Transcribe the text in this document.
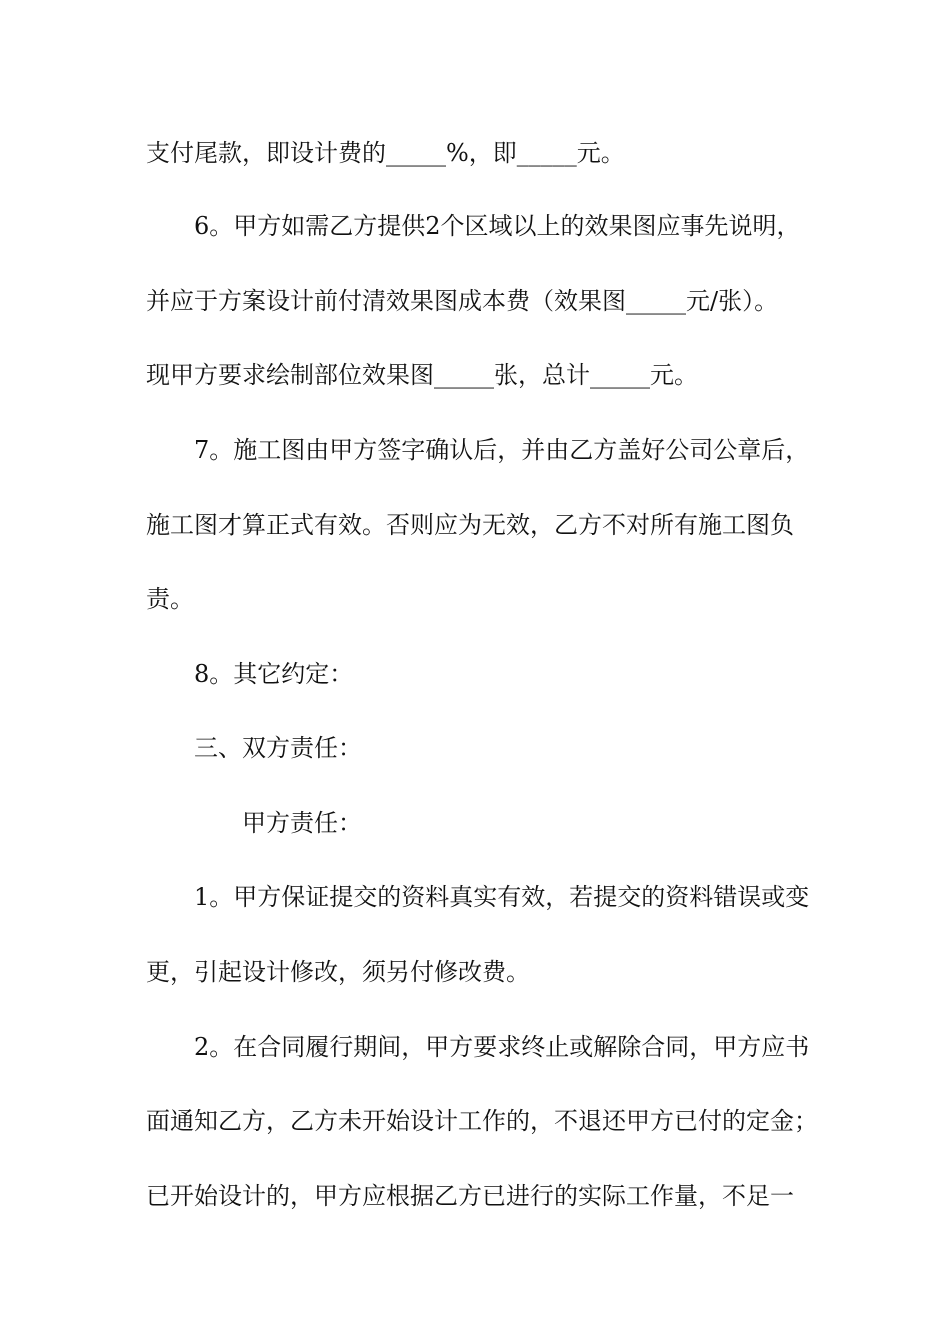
支付尾款，即设计费的_____%，即_____元。
6。甲方如需乙方提供2个区域以上的效果图应事先说明，
并应于方案设计前付清效果图成本费（效果图_____元/张）。
现甲方要求绘制部位效果图_____张，总计_____元。
7。施工图由甲方签字确认后，并由乙方盖好公司公章后，
施工图才算正式有效。否则应为无效，乙方不对所有施工图负
责。
8。其它约定：
三、双方责任：
甲方责任：
1。甲方保证提交的资料真实有效，若提交的资料错误或变
更，引起设计修改，须另付修改费。
2。在合同履行期间，甲方要求终止或解除合同，甲方应书
面通知乙方，乙方未开始设计工作的，不退还甲方已付的定金；
已开始设计的，甲方应根据乙方已进行的实际工作量，不足一
